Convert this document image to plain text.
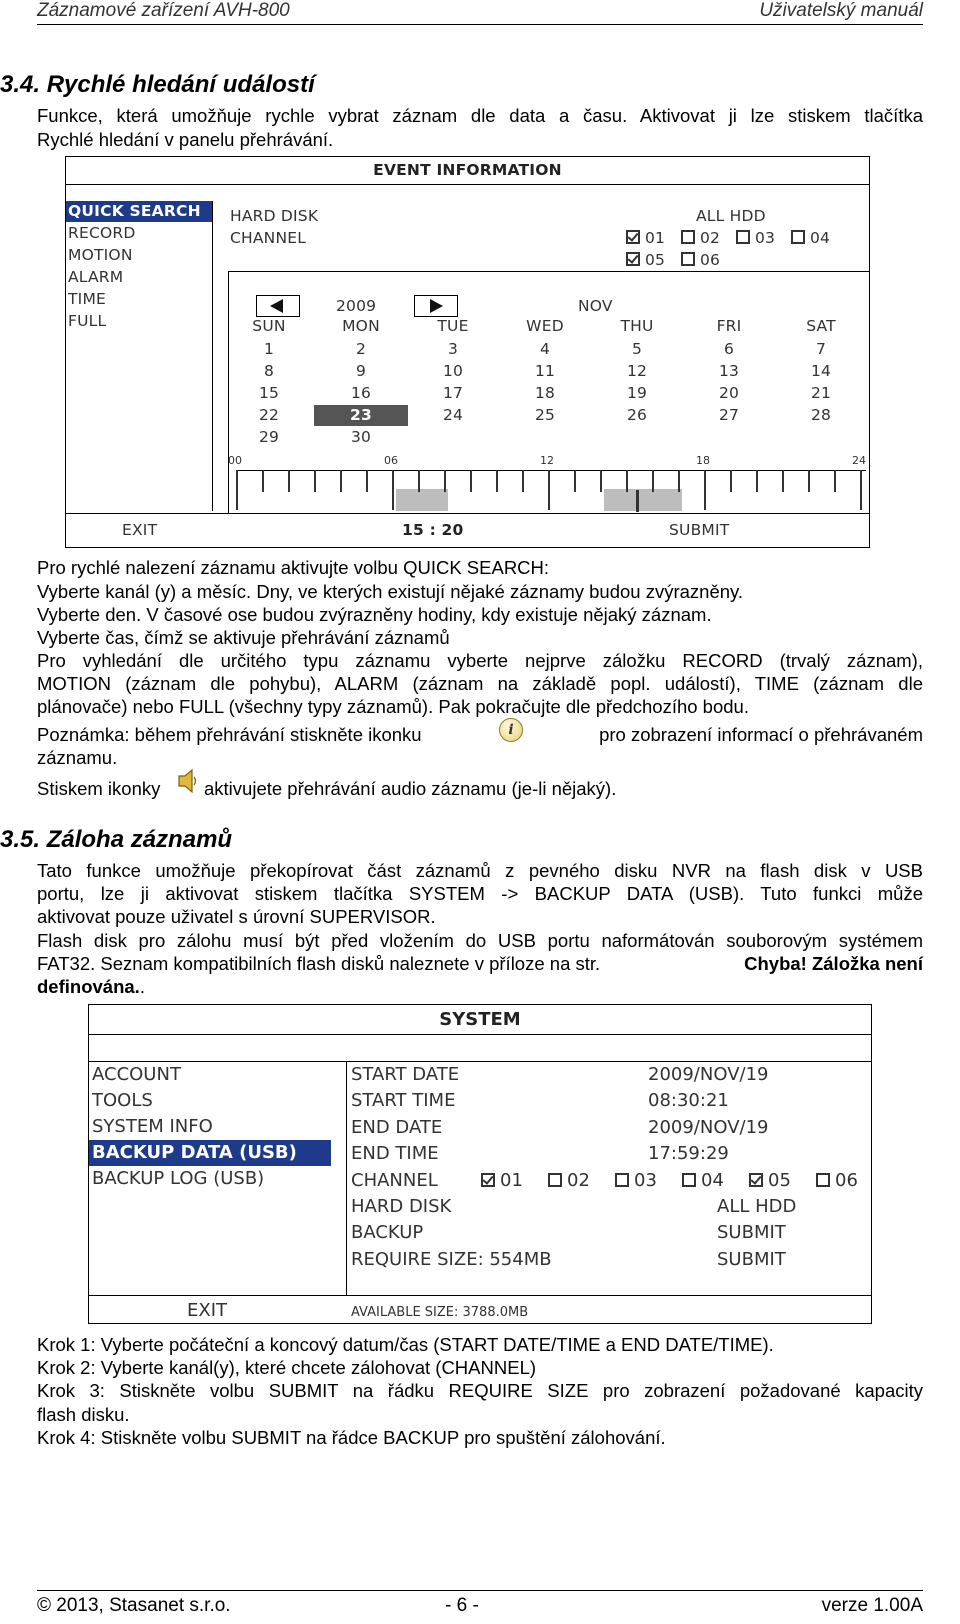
Záznamové zařízení AVH-800	Uživatelský manuál
3.4. Rychlé hledání událostí
Funkce, která umožňuje rychle vybrat záznam dle data a času. Aktivovat ji lze stiskem tlačítka
Rychlé hledání v panelu přehrávání.
EVENT INFORMATION
QUICK SEARCH
RECORD
MOTION
ALARM
TIME
FULL
HARD DISK
CHANNEL
ALL HDD
01	02	03	04
05	06
2009	NOV
SUN	MON	TUE	WED	THU	FRI	SAT
1	2	3	4	5	6	7
8	9	10	11	12	13	14
15	16	17	18	19	20	21
22	23	24	25	26	27	28
29	30
00	06	12	18	24
EXIT	15 : 20	SUBMIT
Pro rychlé nalezení záznamu aktivujte volbu QUICK SEARCH:
Vyberte kanál (y) a měsíc. Dny, ve kterých existují nějaké záznamy budou zvýrazněny.
Vyberte den. V časové ose budou zvýrazněny hodiny, kdy existuje nějaký záznam.
Vyberte čas, čímž se aktivuje přehrávání záznamů
Pro vyhledání dle určitého typu záznamu vyberte nejprve záložku RECORD (trvalý záznam),
MOTION (záznam dle pohybu), ALARM (záznam na základě popl. událostí), TIME (záznam dle
plánovače) nebo FULL (všechny typy záznamů). Pak pokračujte dle předchozího bodu.
Poznámka: během přehrávání stiskněte ikonku	i	pro zobrazení informací o přehrávaném
záznamu.
Stiskem ikonky aktivujete přehrávání audio záznamu (je-li nějaký).
3.5. Záloha záznamů
Tato funkce umožňuje překopírovat část záznamů z pevného disku NVR na flash disk v USB
portu, lze ji aktivovat stiskem tlačítka SYSTEM -> BACKUP DATA (USB). Tuto funkci může
aktivovat pouze uživatel s úrovní SUPERVISOR.
Flash disk pro zálohu musí být před vložením do USB portu naformátován souborovým systémem
FAT32. Seznam kompatibilních flash disků naleznete v příloze na str.	Chyba! Záložka není
definována..
SYSTEM
ACCOUNT
TOOLS
SYSTEM INFO
BACKUP DATA (USB)
BACKUP LOG (USB)
START DATE	2009/NOV/19
START TIME	08:30:21
END DATE	2009/NOV/19
END TIME	17:59:29
CHANNEL	01	02	03	04	05	06
HARD DISK	ALL HDD
BACKUP	SUBMIT
REQUIRE SIZE: 554MB	SUBMIT
EXIT	AVAILABLE SIZE: 3788.0MB
Krok 1: Vyberte počáteční a koncový datum/čas (START DATE/TIME a END DATE/TIME).
Krok 2: Vyberte kanál(y), které chcete zálohovat (CHANNEL)
Krok 3: Stiskněte volbu SUBMIT na řádku REQUIRE SIZE pro zobrazení požadované kapacity
flash disku.
Krok 4: Stiskněte volbu SUBMIT na řádce BACKUP pro spuštění zálohování.
© 2013, Stasanet s.r.o.	- 6 -	verze 1.00A
